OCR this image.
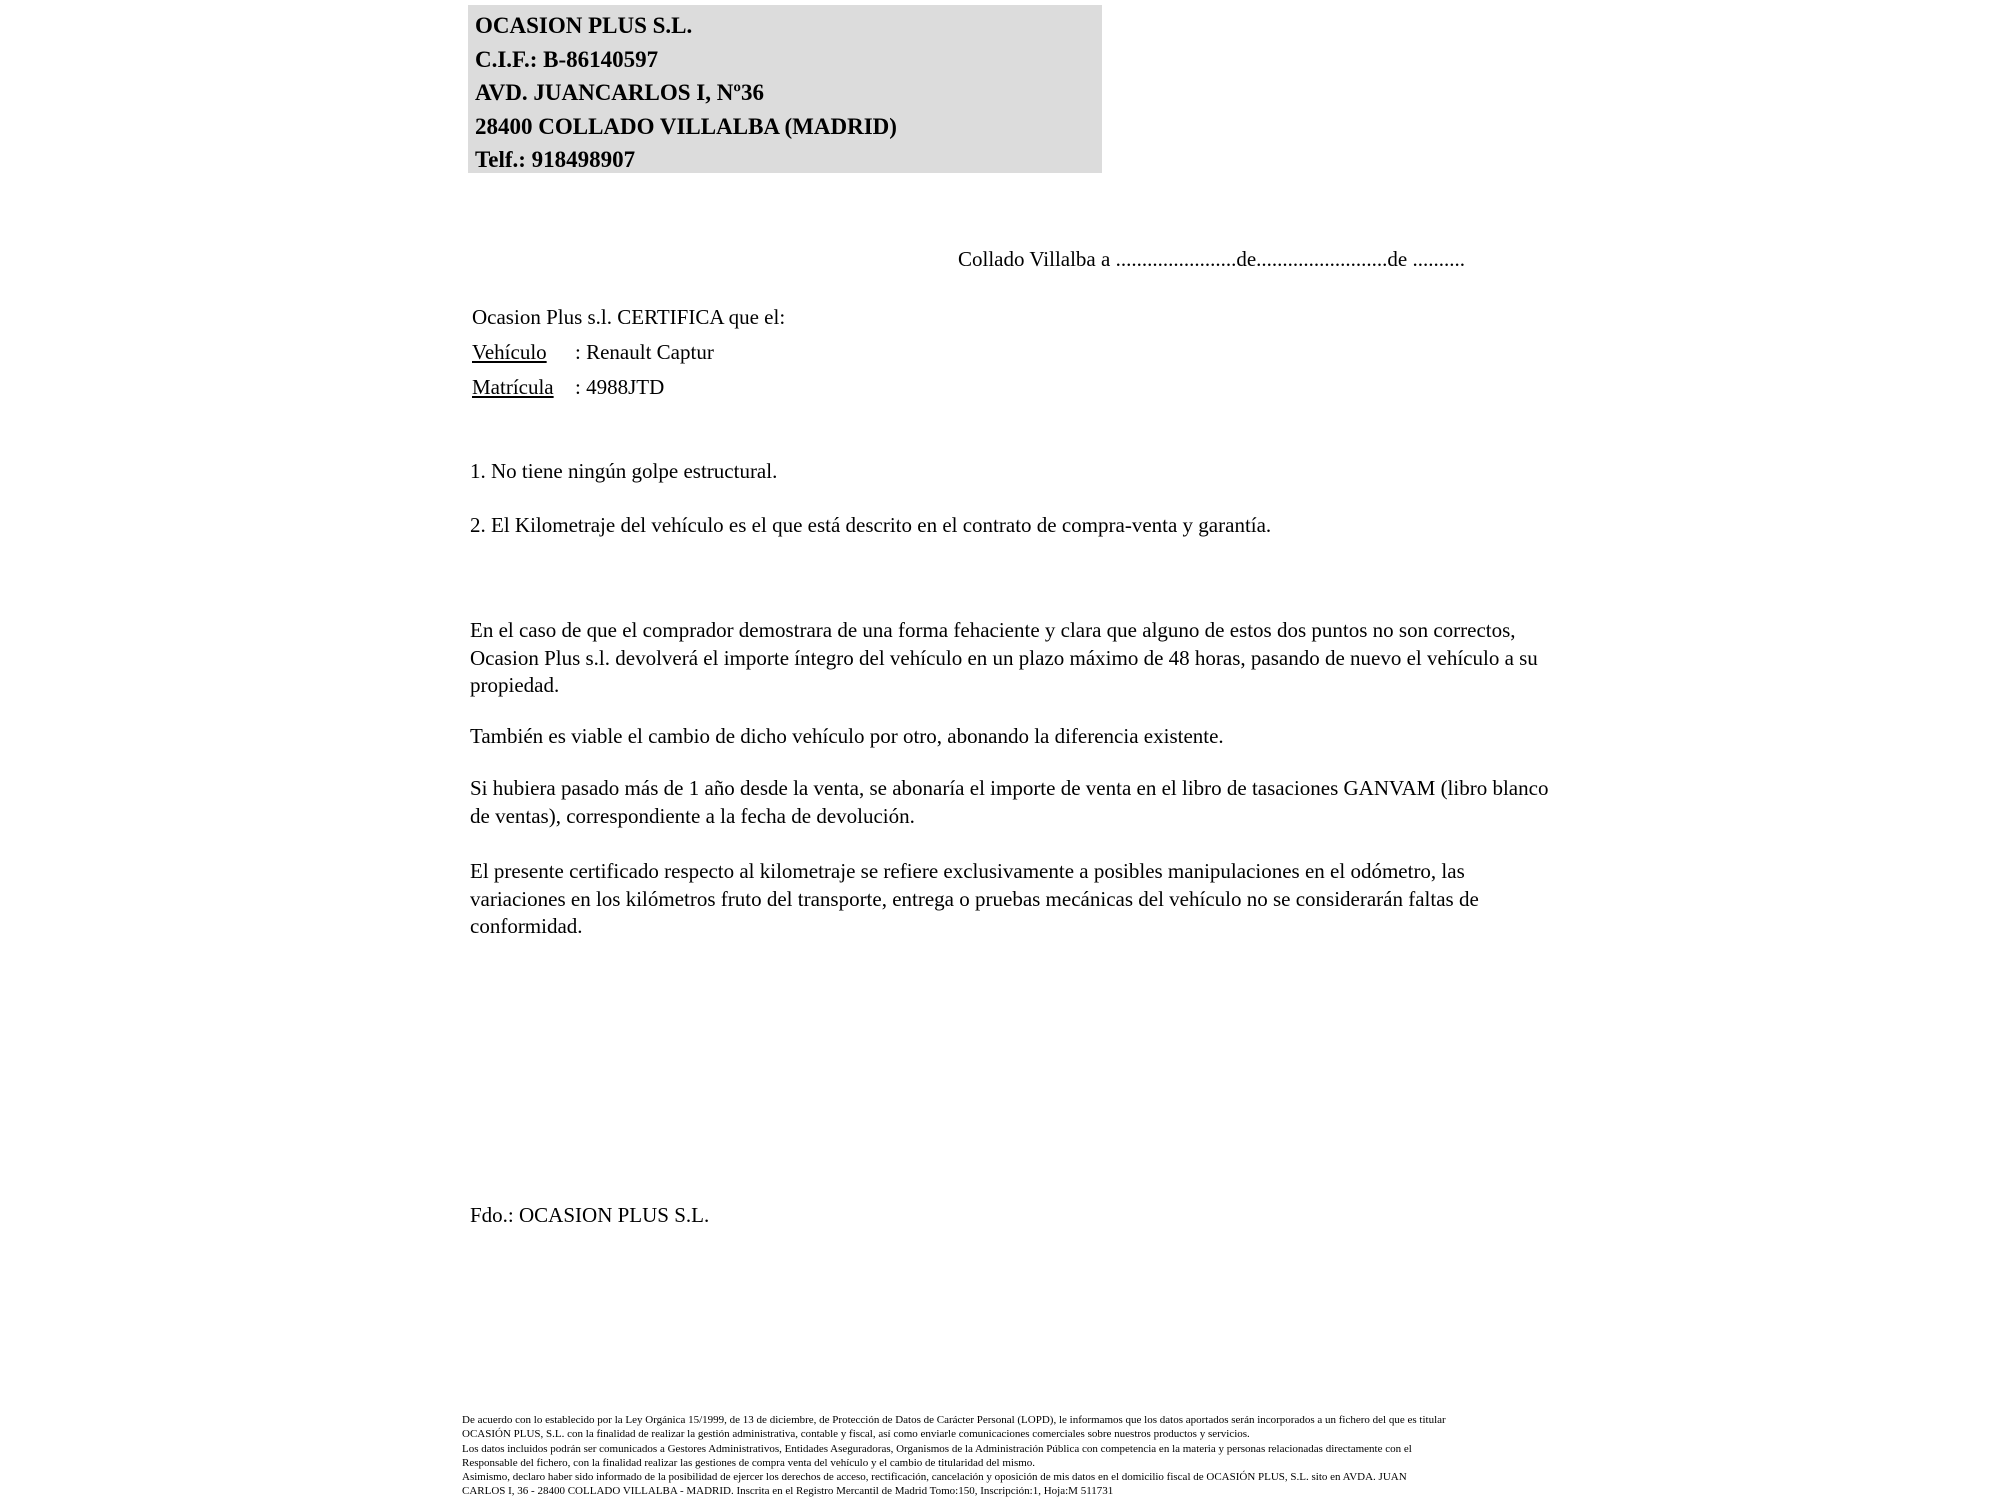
OCASION PLUS S.L.
C.I.F.: B-86140597
AVD. JUANCARLOS I, Nº36
28400 COLLADO VILLALBA (MADRID)
Telf.: 918498907
Collado Villalba a .......................de.........................de ..........
Ocasion Plus s.l. CERTIFICA que el:
Vehículo : Renault Captur
Matrícula : 4988JTD
1. No tiene ningún golpe estructural.
2. El Kilometraje del vehículo es el que está descrito en el contrato de compra-venta y garantía.
En el caso de que el comprador demostrara de una forma fehaciente y clara que alguno de estos dos puntos no son correctos, Ocasion Plus s.l. devolverá el importe íntegro del vehículo en un plazo máximo de 48 horas, pasando de nuevo el vehículo a su propiedad.
También es viable el cambio de dicho vehículo por otro, abonando la diferencia existente.
Si hubiera pasado más de 1 año desde la venta, se abonaría el importe de venta en el libro de tasaciones GANVAM (libro blanco de ventas), correspondiente a la fecha de devolución.
El presente certificado respecto al kilometraje se refiere exclusivamente a posibles manipulaciones en el odómetro, las variaciones en los kilómetros fruto del transporte, entrega o pruebas mecánicas del vehículo no se considerarán faltas de conformidad.
Fdo.: OCASION PLUS S.L.
De acuerdo con lo establecido por la Ley Orgánica 15/1999, de 13 de diciembre, de Protección de Datos de Carácter Personal (LOPD), le informamos que los datos aportados serán incorporados a un fichero del que es titular
OCASIÓN PLUS, S.L. con la finalidad de realizar la gestión administrativa, contable y fiscal, así como enviarle comunicaciones comerciales sobre nuestros productos y servicios.
Los datos incluidos podrán ser comunicados a Gestores Administrativos, Entidades Aseguradoras, Organismos de la Administración Pública con competencia en la materia y personas relacionadas directamente con el
Responsable del fichero, con la finalidad realizar las gestiones de compra venta del vehículo y el cambio de titularidad del mismo.
Asimismo, declaro haber sido informado de la posibilidad de ejercer los derechos de acceso, rectificación, cancelación y oposición de mis datos en el domicilio fiscal de OCASIÓN PLUS, S.L. sito en AVDA. JUAN
CARLOS I, 36 - 28400 COLLADO VILLALBA - MADRID. Inscrita en el Registro Mercantil de Madrid Tomo:150, Inscripción:1, Hoja:M 511731
